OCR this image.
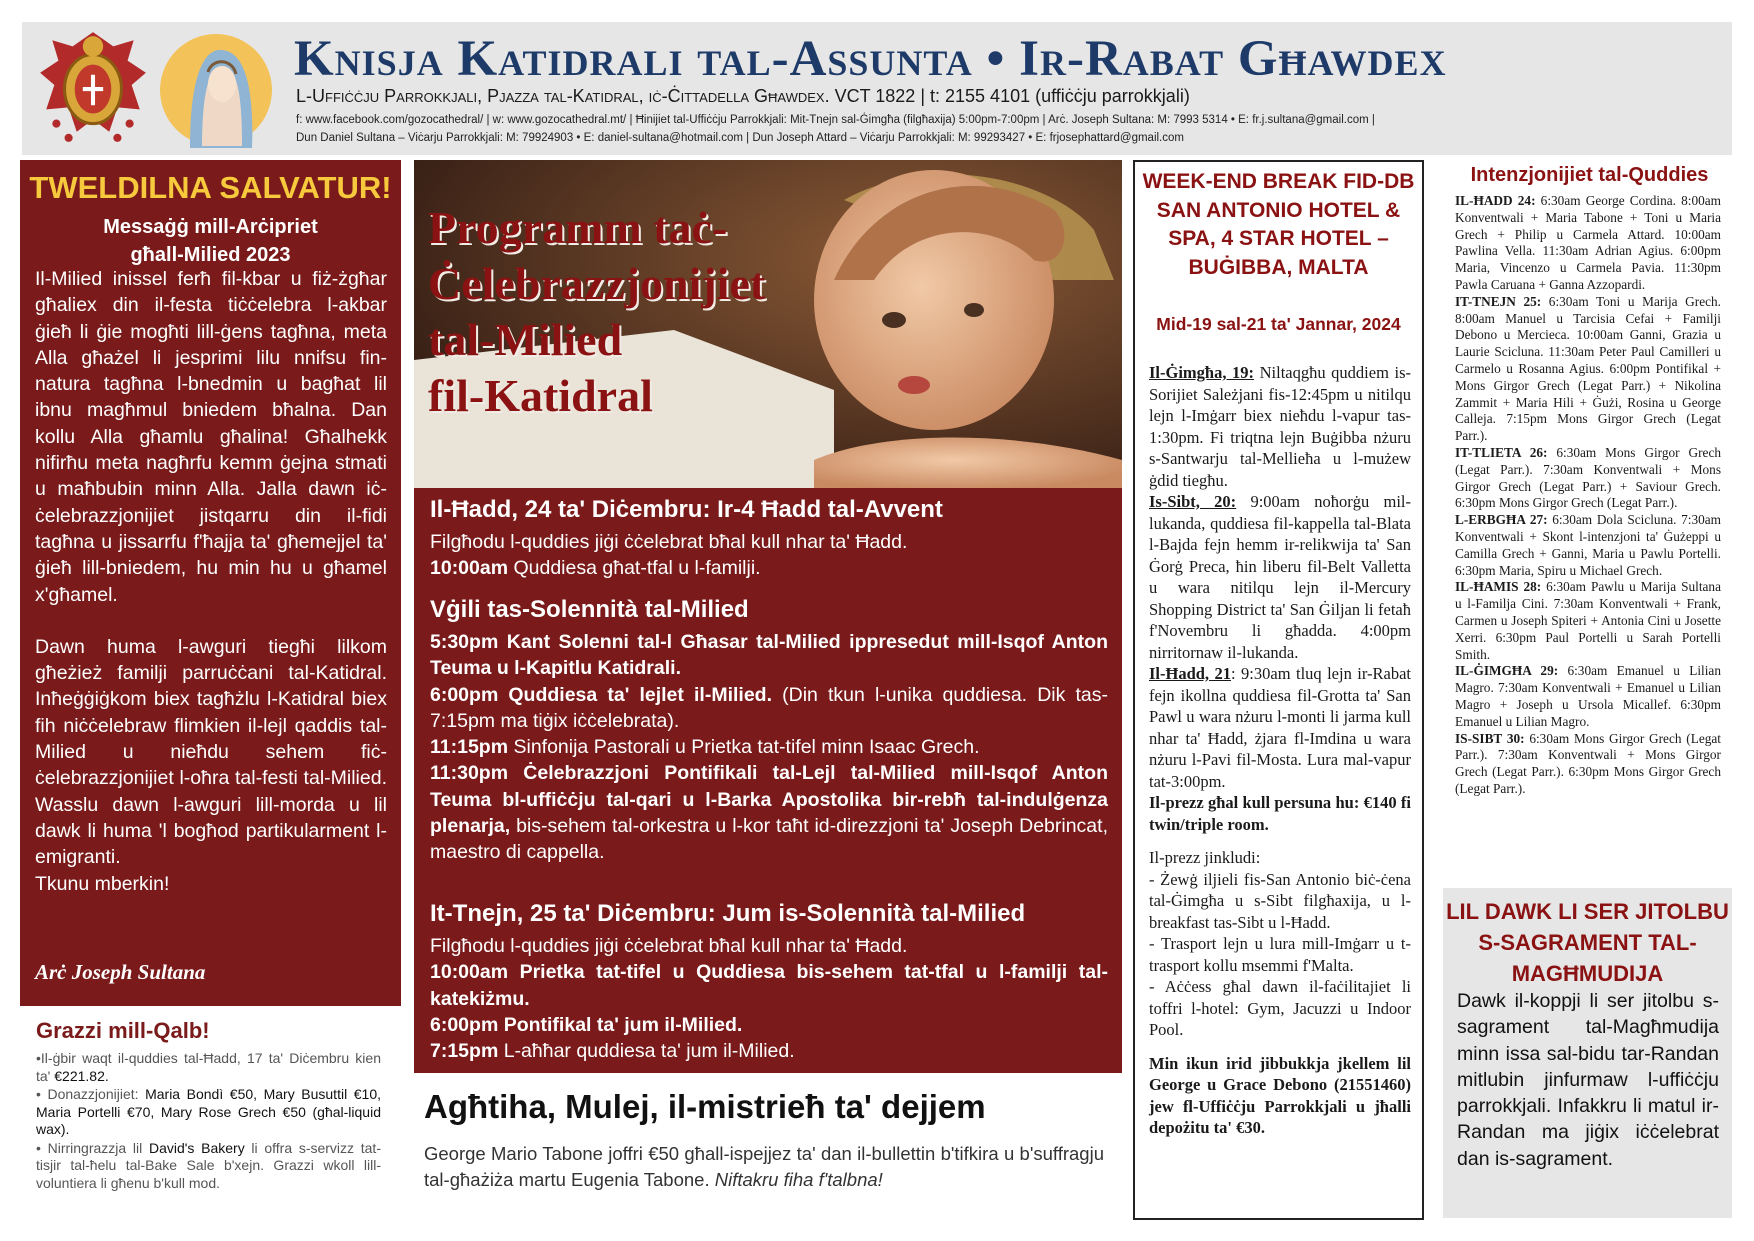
Knisja Katidrali tal-Assunta • Ir-Rabat Għawdex
L-Uffiċċju Parrokkjali, Pjazza tal-Katidral, iċ-Ċittadella Għawdex. VCT 1822 | t: 2155 4101 (uffiċċju parrokkjali)
f: www.facebook.com/gozocathedral/ | w: www.gozocathedral.mt/ | Ħinijiet tal-Uffiċċju Parrokkjali: Mit-Tnejn sal-Ġimgħa (filgħaxija) 5:00pm-7:00pm | Arċ. Joseph Sultana: M: 7993 5314 • E: fr.j.sultana@gmail.com |
Dun Daniel Sultana – Viċarju Parrokkjali: M: 79924903 • E: daniel-sultana@hotmail.com | Dun Joseph Attard – Viċarju Parrokkjali: M: 99293427 • E: frjosephattard@gmail.com
TWELDILNA SALVATUR!
Messaġġ mill-Arċipriet
għall-Milied 2023

Il-Milied inissel ferħ fil-kbar u fiż-żgħar għaliex din il-festa tiċċelebra l-akbar ġieħ li ġie mogħti lill-ġens tagħna, meta Alla għażel li jesprimi lilu nnifsu fin-natura tagħna l-bnedmin u bagħat lil ibnu magħmul bniedem bħalna. Dan kollu Alla għamlu għalina! Għalhekk nifirħu meta nagħrfu kemm ġejna stmati u maħbubin minn Alla. Jalla dawn iċ-ċelebrazzjonijiet jistqarru din il-fidi tagħna u jissarrfu f'ħajja ta' għemejjel ta' ġieħ lill-bniedem, hu min hu u għamel x'għamel.

Dawn huma l-awguri tiegħi lilkom għeżież familji parruċċani tal-Katidral. Inħeġġiġkom biex tagħżlu l-Katidral biex fih niċċelebraw flimkien il-lejl qaddis tal-Milied u nieħdu sehem fiċ-ċelebrazzjonijiet l-oħra tal-festi tal-Milied. Wasslu dawn l-awguri lill-morda u lil dawk li huma 'l bogħod partikularment l-emigranti.

Tkunu mberkin!

Arċ Joseph Sultana
Grazzi mill-Qalb!

•Il-ġbir waqt il-quddies tal-Ħadd, 17 ta' Diċembru kien ta' €221.82.

• Donazzjonijiet: Maria Bondì €50, Mary Busuttil €10, Maria Portelli €70, Mary Rose Grech €50 (għal-liquid wax).

• Nirringrazzja lil David's Bakery li offra s-servizz tat-tisjir tal-ħelu tal-Bake Sale b'xejn. Grazzi wkoll lill-voluntiera li għenu b'kull mod.

Programm taċ-
Ċelebrazzjonijiet
tal-Milied
fil-Katidral
Il-Ħadd, 24 ta' Diċembru: Ir-4 Ħadd tal-Avvent
Filgħodu l-quddies jiġi ċċelebrat bħal kull nhar ta' Ħadd.
10:00am Quddiesa għat-tfal u l-familji.
Vġili tas-Solennità tal-Milied
5:30pm Kant Solenni tal-l Għasar tal-Milied ippresedut mill-Isqof Anton Teuma u l-Kapitlu Katidrali.
6:00pm Quddiesa ta' lejlet il-Milied. (Din tkun l-unika quddiesa. Dik tas-7:15pm ma tiġix iċċelebrata).
11:15pm Sinfonija Pastorali u Prietka tat-tifel minn Isaac Grech.
11:30pm Ċelebrazzjoni Pontifikali tal-Lejl tal-Milied mill-Isqof Anton Teuma bl-uffiċċju tal-qari u l-Barka Apostolika bir-rebħ tal-indulġenza plenarja, bis-sehem tal-orkestra u l-kor taħt id-direzzjoni ta' Joseph Debrincat, maestro di cappella.
It-Tnejn, 25 ta' Diċembru: Jum is-Solennità tal-Milied
Filgħodu l-quddies jiġi ċċelebrat bħal kull nhar ta' Ħadd.
10:00am Prietka tat-tifel u Quddiesa bis-sehem tat-tfal u l-familji tal-katekiżmu.
6:00pm Pontifikal ta' jum il-Milied.
7:15pm L-aħħar quddiesa ta' jum il-Milied.
Agħtiha, Mulej, il-mistrieħ ta' dejjem
George Mario Tabone joffri €50 għall-ispejjez ta' dan il-bullettin b'tifkira u b'suffragju tal-għażiża martu Eugenia Tabone. Niftakru fiha f'talbna!
WEEK-END BREAK FID-DB SAN ANTONIO HOTEL & SPA, 4 STAR HOTEL – BUĠIBBA, MALTA
Mid-19 sal-21 ta' Jannar, 2024

Il-Ġimgħa, 19: Niltaqgħu quddiem is-Sorijiet Sależjani fis-12:45pm u nitilqu lejn l-Imġarr biex nieħdu l-vapur tas-1:30pm. Fi triqtna lejn Buġibba nżuru s-Santwarju tal-Mellieħa u l-mużew ġdid tiegħu.

Is-Sibt, 20: 9:00am noħorġu mil-lukanda, quddiesa fil-kappella tal-Blata l-Bajda fejn hemm ir-relikwija ta' San Ġorġ Preca, ħin liberu fil-Belt Valletta u wara nitilqu lejn il-Mercury Shopping District ta' San Ġiljan li fetaħ f'Novembru li għadda. 4:00pm nirritornaw il-lukanda.

Il-Ħadd, 21: 9:30am tluq lejn ir-Rabat fejn ikollna quddiesa fil-Grotta ta' San Pawl u wara nżuru l-monti li jarma kull nhar ta' Ħadd, żjara fl-Imdina u wara nżuru l-Pavi fil-Mosta. Lura mal-vapur tat-3:00pm.

Il-prezz għal kull persuna hu: €140 fi twin/triple room.

Il-prezz jinkludi:

- Żewġ iljieli fis-San Antonio biċ-ċena tal-Ġimgħa u s-Sibt filgħaxija, u l-breakfast tas-Sibt u l-Ħadd.

- Trasport lejn u lura mill-Imġarr u t-trasport kollu msemmi f'Malta.

- Aċċess għal dawn il-faċilitajiet li toffri l-hotel: Gym, Jacuzzi u Indoor Pool.

Min ikun irid jibbukkja jkellem lil George u Grace Debono (21551460) jew fl-Uffiċċju Parrokkjali u jħalli depożitu ta' €30.

Intenzjonijiet tal-Quddies

IL-ĦADD 24: 6:30am George Cordina. 8:00am Konventwali + Maria Tabone + Toni u Maria Grech + Philip u Carmela Attard. 10:00am Pawlina Vella. 11:30am Adrian Agius. 6:00pm Maria, Vincenzo u Carmela Pavia. 11:30pm Pawla Caruana + Ganna Azzopardi.

IT-TNEJN 25: 6:30am Toni u Marija Grech. 8:00am Manuel u Tarcisia Cefai + Familji Debono u Mercieca. 10:00am Ganni, Grazia u Laurie Scicluna. 11:30am Peter Paul Camilleri u Carmelo u Rosanna Agius. 6:00pm Pontifikal + Mons Girgor Grech (Legat Parr.) + Nikolina Zammit + Maria Hili + Ġużi, Rosina u George Calleja. 7:15pm Mons Girgor Grech (Legat Parr.).

IT-TLIETA 26: 6:30am Mons Girgor Grech (Legat Parr.). 7:30am Konventwali + Mons Girgor Grech (Legat Parr.) + Saviour Grech. 6:30pm Mons Girgor Grech (Legat Parr.).

L-ERBGĦA 27: 6:30am Dola Scicluna. 7:30am Konventwali + Skont l-intenzjoni ta' Ġużeppi u Camilla Grech + Ganni, Maria u Pawlu Portelli. 6:30pm Maria, Spiru u Michael Grech.

IL-ĦAMIS 28: 6:30am Pawlu u Marija Sultana u l-Familja Cini. 7:30am Konventwali + Frank, Carmen u Joseph Spiteri + Antonia Cini u Josette Xerri. 6:30pm Paul Portelli u Sarah Portelli Smith.

IL-ĠIMGĦA 29: 6:30am Emanuel u Lilian Magro. 7:30am Konventwali + Emanuel u Lilian Magro + Joseph u Ursola Micallef. 6:30pm Emanuel u Lilian Magro.

IS-SIBT 30: 6:30am Mons Girgor Grech (Legat Parr.). 7:30am Konventwali + Mons Girgor Grech (Legat Parr.). 6:30pm Mons Girgor Grech (Legat Parr.).

LIL DAWK LI SER JITOLBU S-SAGRAMENT TAL-MAGĦMUDIJA
Dawk il-koppji li ser jitolbu s-sagrament tal-Magħmudija minn issa sal-bidu tar-Randan mitlubin jinfurmaw l-uffiċċju parrokkjali. Infakkru li matul ir-Randan ma jiġix iċċelebrat dan is-sagrament.
